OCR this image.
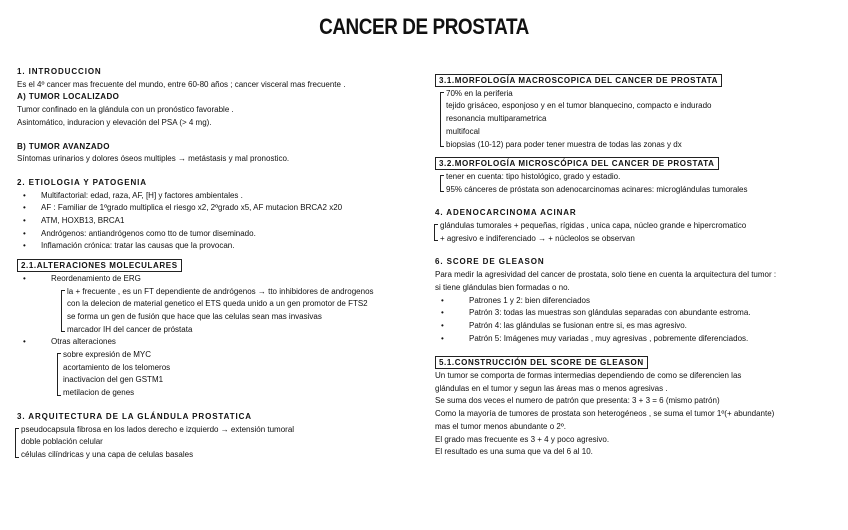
CANCER DE PROSTATA
1. INTRODUCCION
Es el 4º cancer mas frecuente del mundo, entre 60-80 años ; cancer visceral mas frecuente .
A) TUMOR LOCALIZADO
Tumor confinado en la glándula con un pronóstico favorable .
Asintomático, induracion y elevación del PSA (> 4 mg).
B) TUMOR AVANZADO
Síntomas urinarios y dolores óseos multiples → metástasis y mal pronostico.
2. ETIOLOGIA Y PATOGENIA
• Multifactorial: edad, raza, AF, [H] y factores ambientales .
• AF : Familiar de 1ºgrado multiplica el riesgo x2, 2ºgrado x5, AF mutacion BRCA2 x20
• ATM, HOXB13, BRCA1
• Andrógenos: antiandrógenos como tto de tumor diseminado.
• Inflamación crónica: tratar las causas que la provocan.
2.1.ALTERACIONES MOLECULARES
• Reordenamiento de ERG
la + frecuente , es un FT dependiente de andrógenos → tto inhibidores de androgenos
con la delecion de material genetico el ETS queda unido a un gen promotor de FTS2
se forma un gen de fusión que hace que las celulas sean mas invasivas
marcador IH del cancer de próstata
• Otras alteraciones
sobre expresión de MYC
acortamiento de los telomeros
inactivacion del gen GSTM1
metilacion de genes
3. ARQUITECTURA DE LA GLÁNDULA PROSTATICA
pseudocapsula fibrosa en los lados derecho e izquierdo → extensión tumoral
doble población celular
células cilíndricas y una capa de celulas basales
3.1.MORFOLOGÍA MACROSCOPICA DEL CANCER DE PROSTATA
70% en la periferia
tejido grisáceo, esponjoso y en el tumor blanquecino, compacto e indurado
resonancia multiparametrica
multifocal
biopsias (10-12) para poder tener muestra de todas las zonas y dx
3.2.MORFOLOGÍA MICROSCÓPICA DEL CANCER DE PROSTATA
tener en cuenta: tipo histológico, grado y estadio.
95% cánceres de próstata son adenocarcinomas acinares: microglándulas tumorales
4. ADENOCARCINOMA ACINAR
glándulas tumorales + pequeñas, rígidas , unica capa, núcleo grande e hipercromatico
+ agresivo e indiferenciado → + núcleolos se observan
6. SCORE DE GLEASON
Para medir la agresividad del cancer de prostata, solo tiene en cuenta la arquitectura del tumor :
si tiene glándulas bien formadas o no.
• Patrones 1 y 2: bien diferenciados
• Patrón 3: todas las muestras son glándulas separadas con abundante estroma.
• Patrón 4: las glándulas se fusionan entre si, es mas agresivo.
• Patrón 5: Imágenes muy variadas , muy agresivas , pobremente diferenciados.
5.1.CONSTRUCCIÓN DEL SCORE DE GLEASON
Un tumor se comporta de formas intermedias dependiendo de como se diferencien las
glándulas en el tumor y segun las áreas mas o menos agresivas .
Se suma dos veces el numero de patrón que presenta: 3 + 3 = 6 (mismo patrón)
Como la mayoría de tumores de prostata son heterogéneos , se suma el tumor 1º(+ abundante)
mas el tumor menos abundante o 2º.
El grado mas frecuente es 3 + 4 y poco agresivo.
El resultado es una suma que va del 6 al 10.
